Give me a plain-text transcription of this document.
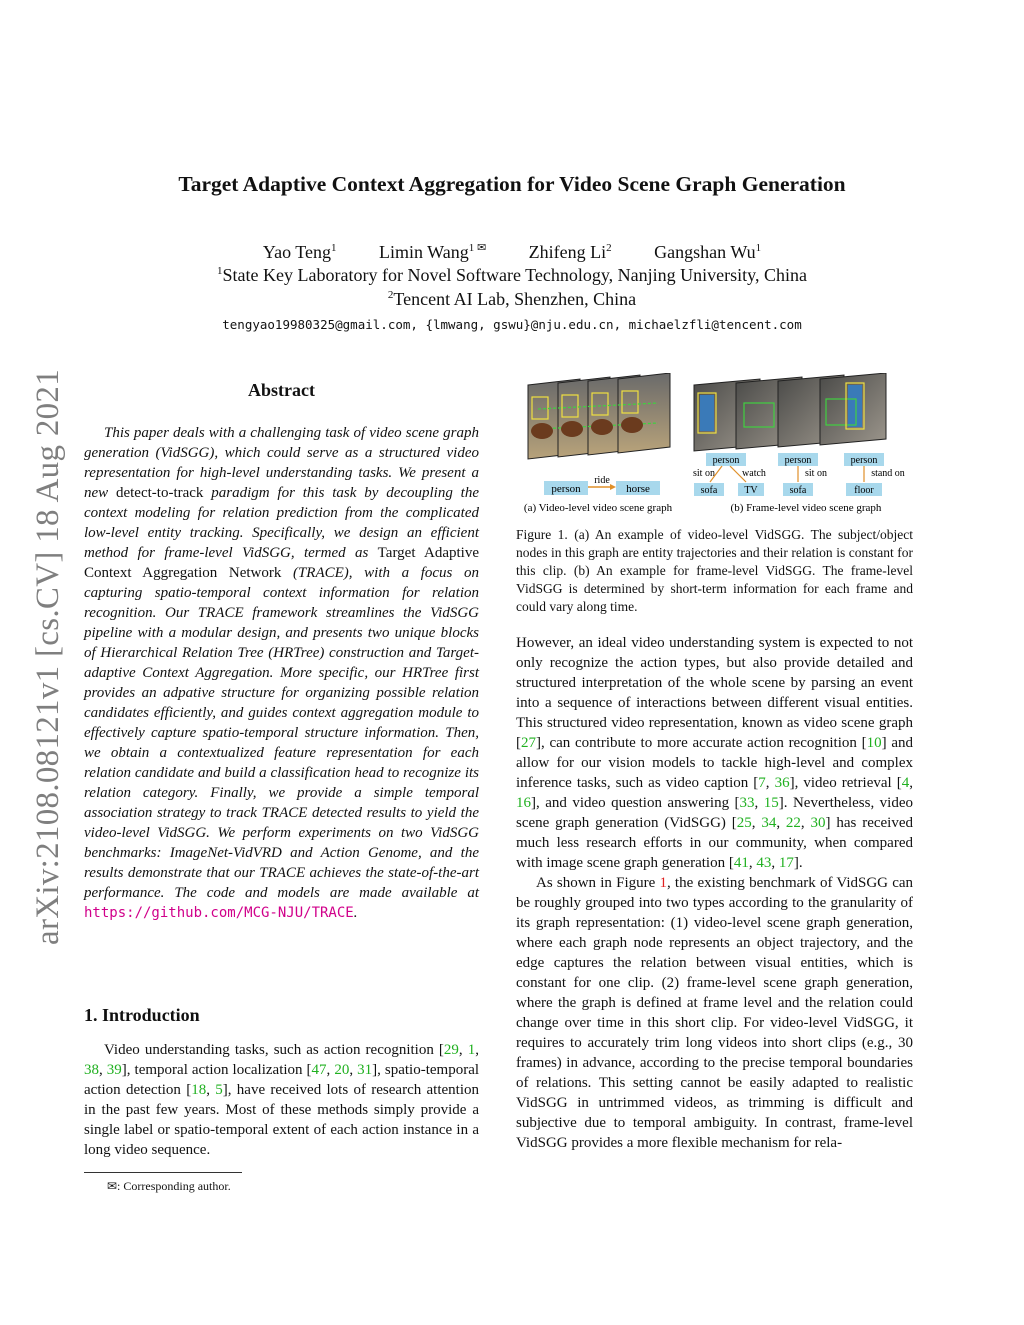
Target Adaptive Context Aggregation for Video Scene Graph Generation
Yao Teng$^1$ Limin Wang$^{1 ✉}$ Zhifeng Li$^2$ Gangshan Wu$^1$
$^1$State Key Laboratory for Novel Software Technology, Nanjing University, China
$^2$Tencent AI Lab, Shenzhen, China
tengyao19980325@gmail.com, {lmwang, gswu}@nju.edu.cn, michaelzfli@tencent.com
arXiv:2108.08121v1 [cs.CV] 18 Aug 2021	Abstract

This paper deals with a challenging task of video scene graph generation (VidSGG), which could serve as a structured video representation for high-level understanding tasks. We present a new detect-to-track paradigm for this task by decoupling the context modeling for relation prediction from the complicated low-level entity tracking. Specifically, we design an efficient method for frame-level VidSGG, termed as Target Adaptive Context Aggregation Network (TRACE), with a focus on capturing spatio-temporal context information for relation recognition. Our TRACE framework streamlines the VidSGG pipeline with a modular design, and presents two unique blocks of Hierarchical Relation Tree (HRTree) construction and Target-adaptive Context Aggregation. More specific, our HRTree first provides an adpative structure for organizing possible relation candidates efficiently, and guides context aggregation module to effectively capture spatio-temporal structure information. Then, we obtain a contextualized feature representation for each relation candidate and build a classification head to recognize its relation category. Finally, we provide a simple temporal association strategy to track TRACE detected results to yield the video-level VidSGG. We perform experiments on two VidSGG benchmarks: ImageNet-VidVRD and Action Genome, and the results demonstrate that our TRACE achieves the state-of-the-art performance. The code and models are made available at https://github.com/MCG-NJU/TRACE.

1. Introduction

Video understanding tasks, such as action recognition [29, 1, 38, 39], temporal action localization [47, 20, 31], spatio-temporal action detection [18, 5], have received lots of research attention in the past few years. Most of these methods simply provide a single label or spatio-temporal extent of each action instance in a long video sequence.

✉: Corresponding author.
person	horse
ride
person
sit on	watch
sofa	TV
person
sit on
sofa
person
stand on
floor
(a) Video-level video scene graph	(b) Frame-level video scene graph
Figure 1. (a) An example of video-level VidSGG. The subject/object nodes in this graph are entity trajectories and their relation is constant for this clip. (b) An example for frame-level VidSGG. The frame-level VidSGG is determined by short-term information for each frame and could vary along time.

However, an ideal video understanding system is expected to not only recognize the action types, but also provide detailed and structured interpretation of the whole scene by parsing an event into a sequence of interactions between different visual entities. This structured video representation, known as video scene graph [27], can contribute to more accurate action recognition [10] and allow for our vision models to tackle high-level and complex inference tasks, such as video caption [7, 36], video retrieval [4, 16], and video question answering [33, 15]. Nevertheless, video scene graph generation (VidSGG) [25, 34, 22, 30] has received much less research efforts in our community, when compared with image scene graph generation [41, 43, 17].

As shown in Figure 1, the existing benchmark of VidSGG can be roughly grouped into two types according to the granularity of its graph representation: (1) video-level scene graph generation, where each graph node represents an object trajectory, and the edge captures the relation between visual entities, which is constant for one clip. (2) frame-level scene graph generation, where the graph is defined at frame level and the relation could change over time in this short clip. For video-level VidSGG, it requires to accurately trim long videos into short clips (e.g., 30 frames) in advance, according to the precise temporal boundaries of relations. This setting cannot be easily adapted to realistic VidSGG in untrimmed videos, as trimming is difficult and subjective due to temporal ambiguity. In contrast, frame-level VidSGG provides a more flexible mechanism for rela-
